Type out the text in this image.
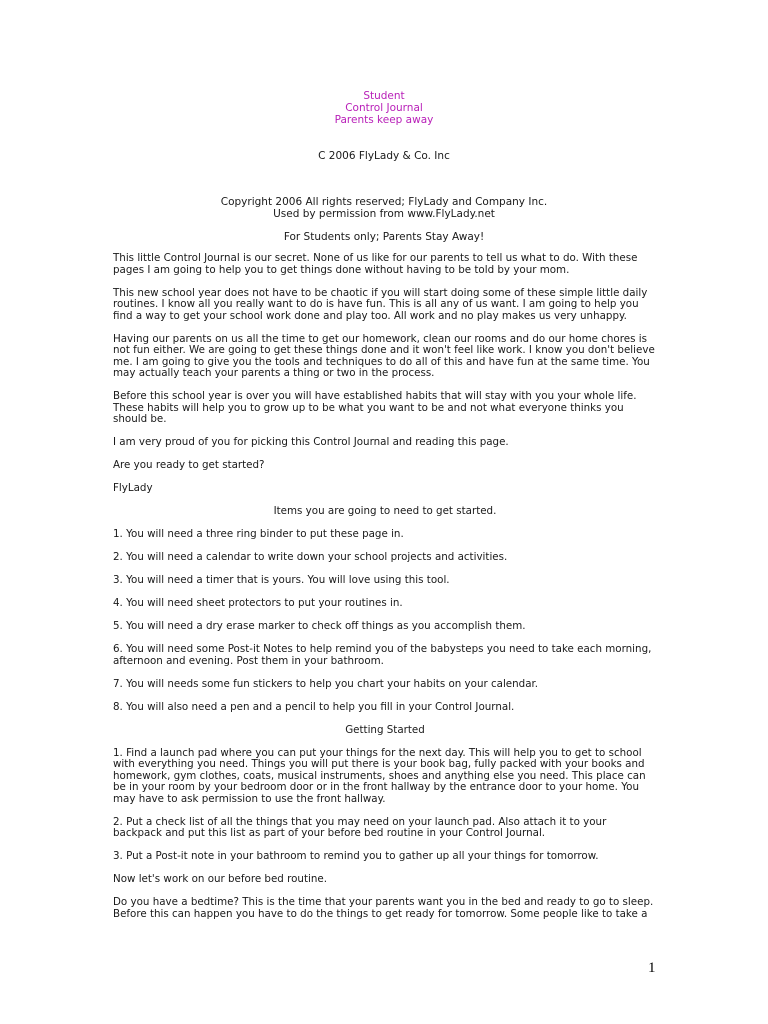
Student
Control Journal
Parents keep away
C 2006 FlyLady & Co. Inc
Copyright 2006 All rights reserved; FlyLady and Company Inc.
Used by permission from www.FlyLady.net
For Students only; Parents Stay Away!

This little Control Journal is our secret. None of us like for our parents to tell us what to do. With these pages I am going to help you to get things done without having to be told by your mom.

This new school year does not have to be chaotic if you will start doing some of these simple little daily routines. I know all you really want to do is have fun. This is all any of us want. I am going to help you find a way to get your school work done and play too. All work and no play makes us very unhappy.

Having our parents on us all the time to get our homework, clean our rooms and do our home chores is not fun either. We are going to get these things done and it won't feel like work. I know you don't believe me. I am going to give you the tools and techniques to do all of this and have fun at the same time. You may actually teach your parents a thing or two in the process.

Before this school year is over you will have established habits that will stay with you your whole life. These habits will help you to grow up to be what you want to be and not what everyone thinks you should be.

I am very proud of you for picking this Control Journal and reading this page.

Are you ready to get started?

FlyLady

Items you are going to need to get started.

1. You will need a three ring binder to put these page in.

2. You will need a calendar to write down your school projects and activities.

3. You will need a timer that is yours. You will love using this tool.

4. You will need sheet protectors to put your routines in.

5. You will need a dry erase marker to check off things as you accomplish them.

6. You will need some Post-it Notes to help remind you of the babysteps you need to take each morning, afternoon and evening. Post them in your bathroom.

7. You will needs some fun stickers to help you chart your habits on your calendar.

8. You will also need a pen and a pencil to help you fill in your Control Journal.

Getting Started

1. Find a launch pad where you can put your things for the next day. This will help you to get to school with everything you need. Things you will put there is your book bag, fully packed with your books and homework, gym clothes, coats, musical instruments, shoes and anything else you need. This place can be in your room by your bedroom door or in the front hallway by the entrance door to your home. You may have to ask permission to use the front hallway.

2. Put a check list of all the things that you may need on your launch pad. Also attach it to your backpack and put this list as part of your before bed routine in your Control Journal.

3. Put a Post-it note in your bathroom to remind you to gather up all your things for tomorrow.

Now let's work on our before bed routine.

Do you have a bedtime? This is the time that your parents want you in the bed and ready to go to sleep. Before this can happen you have to do the things to get ready for tomorrow. Some people like to take a

1
